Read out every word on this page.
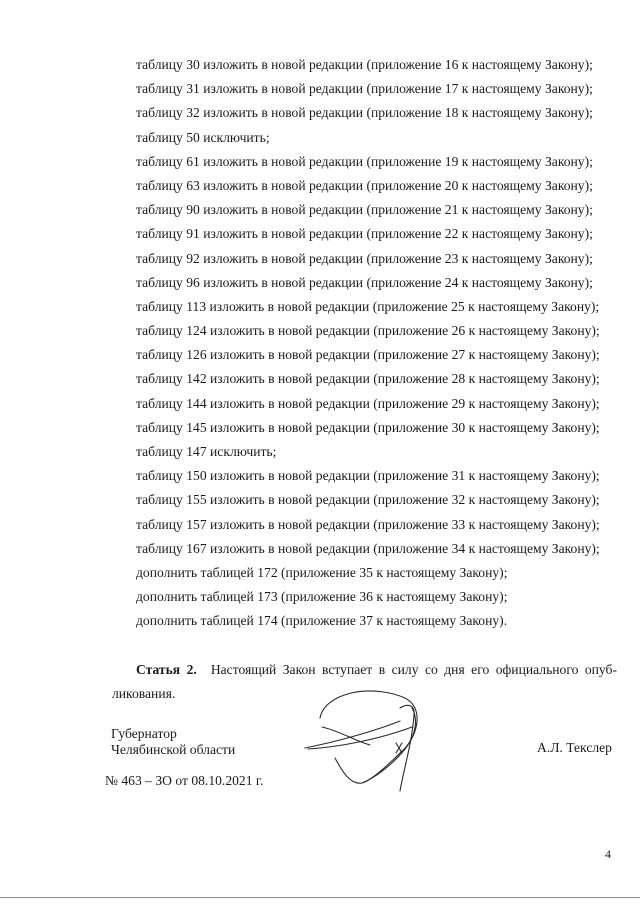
таблицу 30 изложить в новой редакции (приложение 16 к настоящему Закону);
таблицу 31 изложить в новой редакции (приложение 17 к настоящему Закону);
таблицу 32 изложить в новой редакции (приложение 18 к настоящему Закону);
таблицу 50 исключить;
таблицу 61 изложить в новой редакции (приложение 19 к настоящему Закону);
таблицу 63 изложить в новой редакции (приложение 20 к настоящему Закону);
таблицу 90 изложить в новой редакции (приложение 21 к настоящему Закону);
таблицу 91 изложить в новой редакции (приложение 22 к настоящему Закону);
таблицу 92 изложить в новой редакции (приложение 23 к настоящему Закону);
таблицу 96 изложить в новой редакции (приложение 24 к настоящему Закону);
таблицу 113 изложить в новой редакции (приложение 25 к настоящему Закону);
таблицу 124 изложить в новой редакции (приложение 26 к настоящему Закону);
таблицу 126 изложить в новой редакции (приложение 27 к настоящему Закону);
таблицу 142 изложить в новой редакции (приложение 28 к настоящему Закону);
таблицу 144 изложить в новой редакции (приложение 29 к настоящему Закону);
таблицу 145 изложить в новой редакции (приложение 30 к настоящему Закону);
таблицу 147 исключить;
таблицу 150 изложить в новой редакции (приложение 31 к настоящему Закону);
таблицу 155 изложить в новой редакции (приложение 32 к настоящему Закону);
таблицу 157 изложить в новой редакции (приложение 33 к настоящему Закону);
таблицу 167 изложить в новой редакции (приложение 34 к настоящему Закону);
дополнить таблицей 172 (приложение 35 к настоящему Закону);
дополнить таблицей 173 (приложение 36 к настоящему Закону);
дополнить таблицей 174 (приложение 37 к настоящему Закону).
Статья 2. Настоящий Закон вступает в силу со дня его официального опуб-
ликования.
Губернатор
Челябинской области	А.Л. Текслер
№ 463 – ЗО от 08.10.2021 г.
4
